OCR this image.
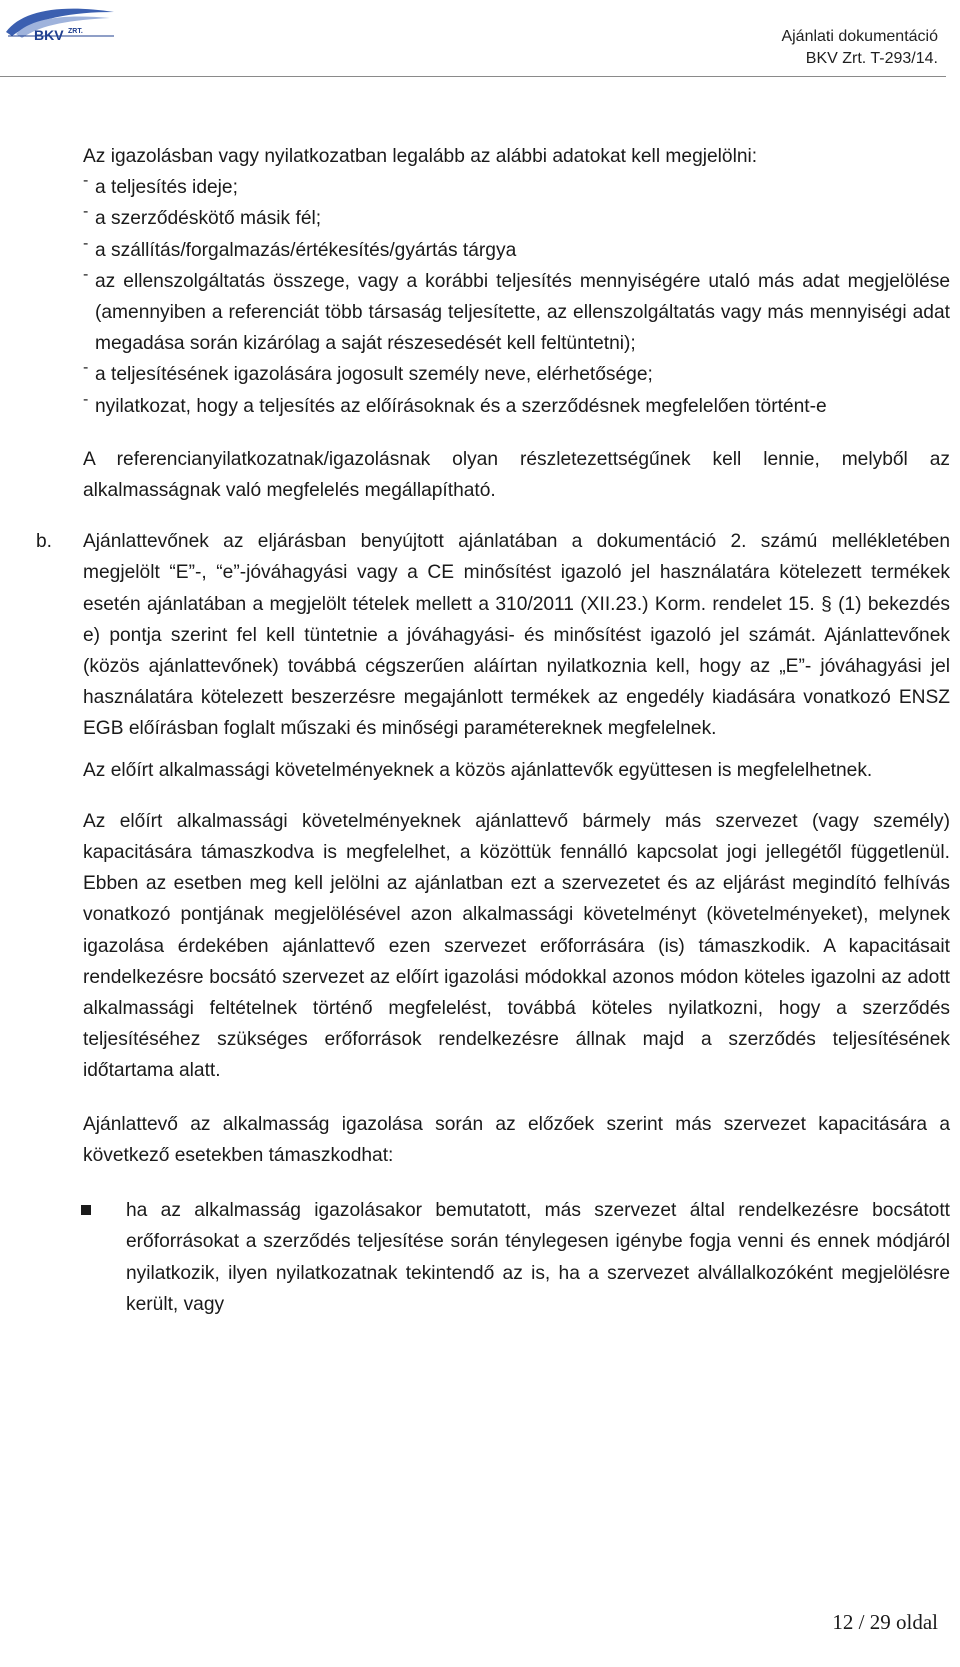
BKV ZRT.	Ajánlati dokumentáció
BKV Zrt. T-293/14.

Az igazolásban vagy nyilatkozatban legalább az alábbi adatokat kell megjelölni:

- a teljesítés ideje;

- a szerződéskötő másik fél;

- a szállítás/forgalmazás/értékesítés/gyártás tárgya

- az ellenszolgáltatás összege, vagy a korábbi teljesítés mennyiségére utaló más adat megjelölése (amennyiben a referenciát több társaság teljesítette, az ellenszolgáltatás vagy más mennyiségi adat megadása során kizárólag a saját részesedését kell feltüntetni);

- a teljesítésének igazolására jogosult személy neve, elérhetősége;

- nyilatkozat, hogy a teljesítés az előírásoknak és a szerződésnek megfelelően történt-e

A referencianyilatkozatnak/igazolásnak olyan részletezettségűnek kell lennie, melyből az alkalmasságnak való megfelelés megállapítható.

b.	Ajánlattevőnek az eljárásban benyújtott ajánlatában a dokumentáció 2. számú mellékletében megjelölt “E”-, “e”-jóváhagyási vagy a CE minősítést igazoló jel használatára kötelezett termékek esetén ajánlatában a megjelölt tételek mellett a 310/2011 (XII.23.) Korm. rendelet 15. § (1) bekezdés e) pontja szerint fel kell tüntetnie a jóváhagyási- és minősítést igazoló jel számát. Ajánlattevőnek (közös ajánlattevőnek) továbbá cégszerűen aláírtan nyilatkoznia kell, hogy az „E”- jóváhagyási jel használatára kötelezett beszerzésre megajánlott termékek az engedély kiadására vonatkozó ENSZ EGB előírásban foglalt műszaki és minőségi paramétereknek megfelelnek.

Az előírt alkalmassági követelményeknek a közös ajánlattevők együttesen is megfelelhetnek.

Az előírt alkalmassági követelményeknek ajánlattevő bármely más szervezet (vagy személy) kapacitására támaszkodva is megfelelhet, a közöttük fennálló kapcsolat jogi jellegétől függetlenül. Ebben az esetben meg kell jelölni az ajánlatban ezt a szervezetet és az eljárást megindító felhívás vonatkozó pontjának megjelölésével azon alkalmassági követelményt (követelményeket), melynek igazolása érdekében ajánlattevő ezen szervezet erőforrására (is) támaszkodik. A kapacitásait rendelkezésre bocsátó szervezet az előírt igazolási módokkal azonos módon köteles igazolni az adott alkalmassági feltételnek történő megfelelést, továbbá köteles nyilatkozni, hogy a szerződés teljesítéséhez szükséges erőforrások rendelkezésre állnak majd a szerződés teljesítésének időtartama alatt.

Ajánlattevő az alkalmasság igazolása során az előzőek szerint más szervezet kapacitására a következő esetekben támaszkodhat:

ha az alkalmasság igazolásakor bemutatott, más szervezet által rendelkezésre bocsátott erőforrásokat a szerződés teljesítése során ténylegesen igénybe fogja venni és ennek módjáról nyilatkozik, ilyen nyilatkozatnak tekintendő az is, ha a szervezet alvállalkozóként megjelölésre került, vagy

12 / 29 oldal
